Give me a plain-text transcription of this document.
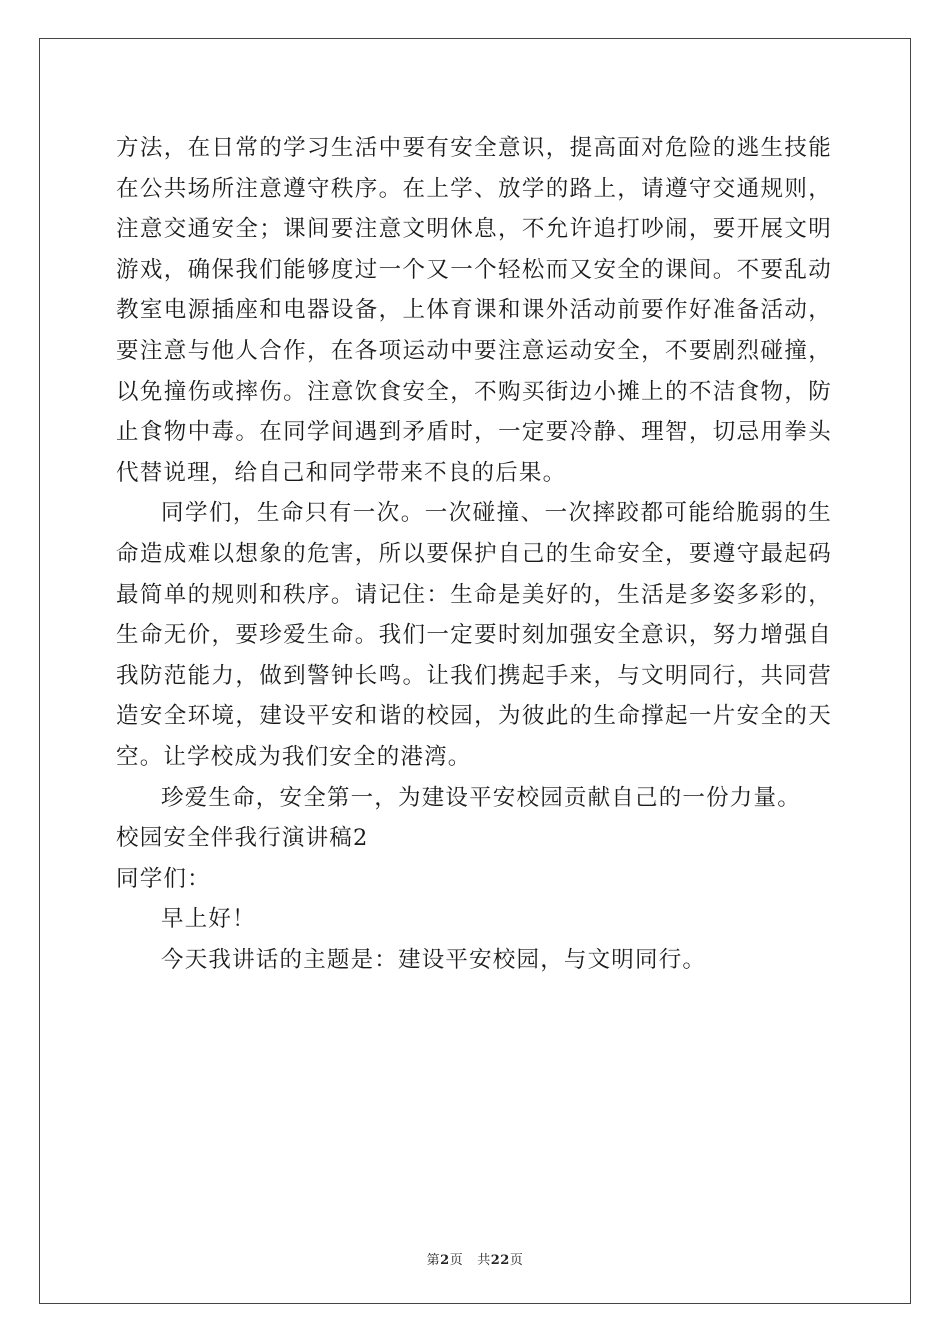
方法，在日常的学习生活中要有安全意识，提高面对危险的逃生技能在公共场所注意遵守秩序。在上学、放学的路上，请遵守交通规则，注意交通安全；课间要注意文明休息，不允许追打吵闹，要开展文明游戏，确保我们能够度过一个又一个轻松而又安全的课间。不要乱动教室电源插座和电器设备，上体育课和课外活动前要作好准备活动，要注意与他人合作，在各项运动中要注意运动安全，不要剧烈碰撞，以免撞伤或摔伤。注意饮食安全，不购买街边小摊上的不洁食物，防止食物中毒。在同学间遇到矛盾时，一定要冷静、理智，切忌用拳头代替说理，给自己和同学带来不良的后果。

同学们，生命只有一次。一次碰撞、一次摔跤都可能给脆弱的生命造成难以想象的危害，所以要保护自己的生命安全，要遵守最起码最简单的规则和秩序。请记住：生命是美好的，生活是多姿多彩的，生命无价，要珍爱生命。我们一定要时刻加强安全意识，努力增强自我防范能力，做到警钟长鸣。让我们携起手来，与文明同行，共同营造安全环境，建设平安和谐的校园，为彼此的生命撑起一片安全的天空。让学校成为我们安全的港湾。

珍爱生命，安全第一，为建设平安校园贡献自己的一份力量。

校园安全伴我行演讲稿2

同学们：

早上好！

今天我讲话的主题是：建设平安校园，与文明同行。

第2页 共22页
